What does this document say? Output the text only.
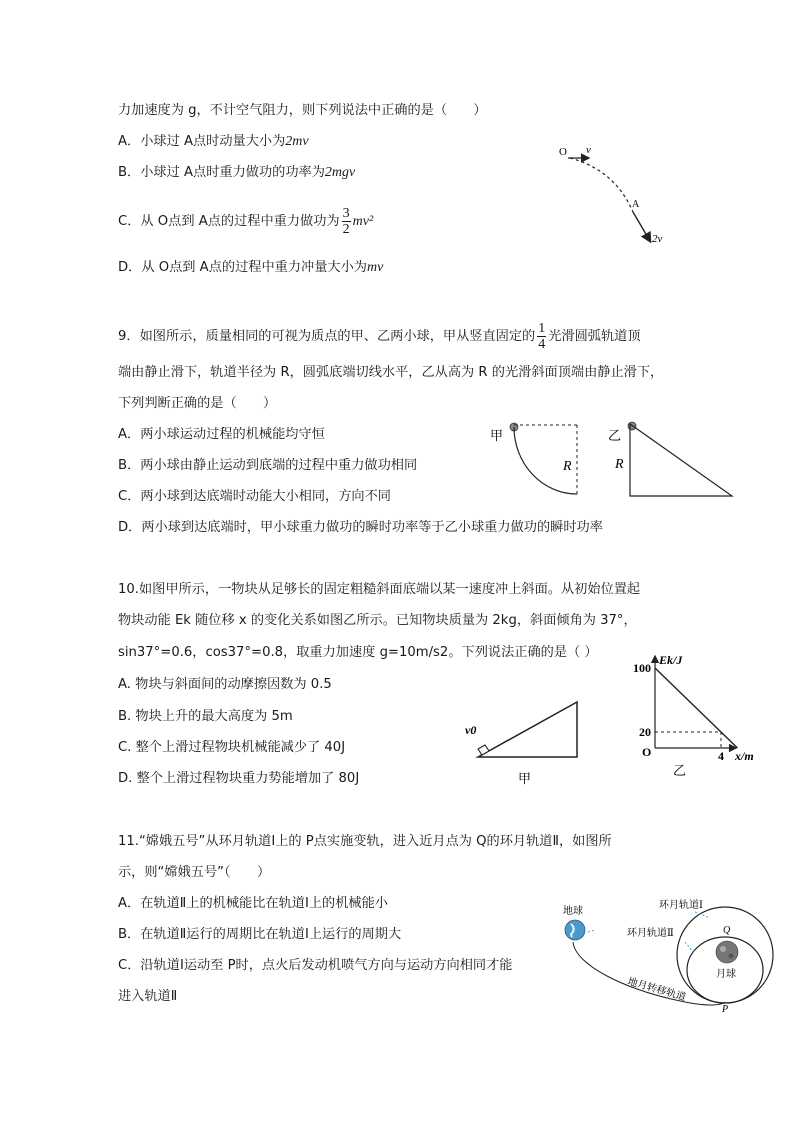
力加速度为 g，不计空气阻力，则下列说法中正确的是（　　）
A．小球过 A点时动量大小为2mv
B．小球过 A点时重力做功的功率为2mgv
C．从 O点到 A点的过程中重力做功为 $\frac{3}{2} mv^2$
D．从 O点到 A点的过程中重力冲量大小为mv
O v
A
2v
9．如图所示，质量相同的可视为质点的甲、乙两小球，甲从竖直固定的 $\frac{1}{4}$ 光滑圆弧轨道顶
端由静止滑下，轨道半径为 R，圆弧底端切线水平，乙从高为 R 的光滑斜面顶端由静止滑下，
下列判断正确的是（　　）
A．两小球运动过程的机械能均守恒
B．两小球由静止运动到底端的过程中重力做功相同
C．两小球到达底端时动能大小相同，方向不同
D．两小球到达底端时，甲小球重力做功的瞬时功率等于乙小球重力做功的瞬时功率
甲
R
乙
R
10.如图甲所示，一物块从足够长的固定粗糙斜面底端以某一速度冲上斜面。从初始位置起
物块动能 Ek 随位移 x 的变化关系如图乙所示。已知物块质量为 2kg，斜面倾角为 37°，
sin37°=0.6，cos37°=0.8，取重力加速度 g=10m/s2。下列说法正确的是（ ）
A. 物块与斜面间的动摩擦因数为 0.5
B. 物块上升的最大高度为 5m
C. 整个上滑过程物块机械能减少了 40J
D. 整个上滑过程物块重力势能增加了 80J
v0
甲
Ek/J
x/m
O
乙
20
100
4
11.“嫦娥五号”从环月轨道Ⅰ上的 P点实施变轨，进入近月点为 Q的环月轨道Ⅱ，如图所
示，则“嫦娥五号”（　　）
A．在轨道Ⅱ上的机械能比在轨道Ⅰ上的机械能小
B．在轨道Ⅱ运行的周期比在轨道Ⅰ上运行的周期大
C．沿轨道Ⅰ运动至 P时，点火后发动机喷气方向与运动方向相同才能
进入轨道Ⅱ
地球
地月转移轨道
Q
月球
环月轨道Ⅰ
环月轨道Ⅱ
P
